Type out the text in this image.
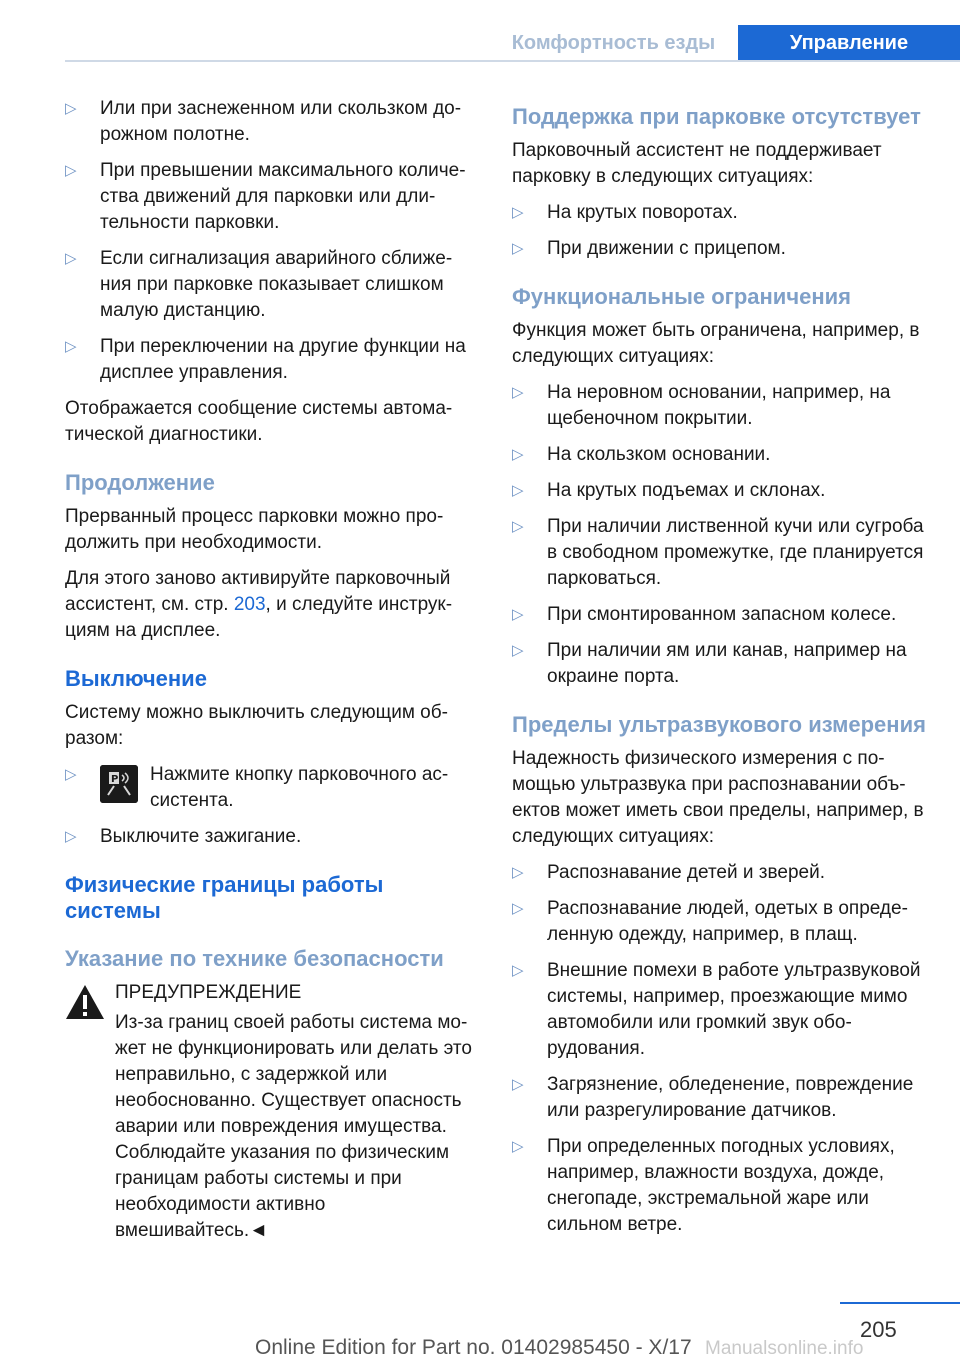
Комфортность езды	Управление
▷ Или при заснеженном или скользком дорожном полотне.
▷ При превышении максимального количества движений для парковки или длительности парковки.
▷ Если сигнализация аварийного сближения при парковке показывает слишком малую дистанцию.
▷ При переключении на другие функции на дисплее управления.

Отображается сообщение системы автоматической диагностики.

Продолжение

Прерванный процесс парковки можно продолжить при необходимости.

Для этого заново активируйте парковочный ассистент, см. стр. 203, и следуйте инструкциям на дисплее.

Выключение

Систему можно выключить следующим образом:

▷	P Нажмите кнопку парковочного ассистента.
▷ Выключите зажигание.
Физические границы работы системы
Указание по технике безопасности

ПРЕДУПРЕЖДЕНИЕ

Из-за границ своей работы система может не функционировать или делать это неправильно, с задержкой или необоснованно. Существует опасность аварии или повреждения имущества. Соблюдайте указания по физическим границам работы системы и при необходимости активно вмешивайтесь.◄

Поддержка при парковке отсутствует

Парковочный ассистент не поддерживает парковку в следующих ситуациях:

▷ На крутых поворотах.
▷ При движении с прицепом.
Функциональные ограничения

Функция может быть ограничена, например, в следующих ситуациях:

▷ На неровном основании, например, на щебеночном покрытии.
▷ На скользком основании.
▷ На крутых подъемах и склонах.
▷ При наличии лиственной кучи или сугроба в свободном промежутке, где планируется парковаться.
▷ При смонтированном запасном колесе.
▷ При наличии ям или канав, например на окраине порта.
Пределы ультразвукового измерения

Надежность физического измерения с помощью ультразвука при распознавании объектов может иметь свои пределы, например, в следующих ситуациях:

▷ Распознавание детей и зверей.
▷ Распознавание людей, одетых в определенную одежду, например, в плащ.
▷ Внешние помехи в работе ультразвуковой системы, например, проезжающие мимо автомобили или громкий звук оборудования.
▷ Загрязнение, обледенение, повреждение или разрегулирование датчиков.
▷ При определенных погодных условиях, например, влажности воздуха, дожде, снегопаде, экстремальной жаре или сильном ветре.
205
Online Edition for Part no. 01402985450 - X/17 Manualsonline.info
